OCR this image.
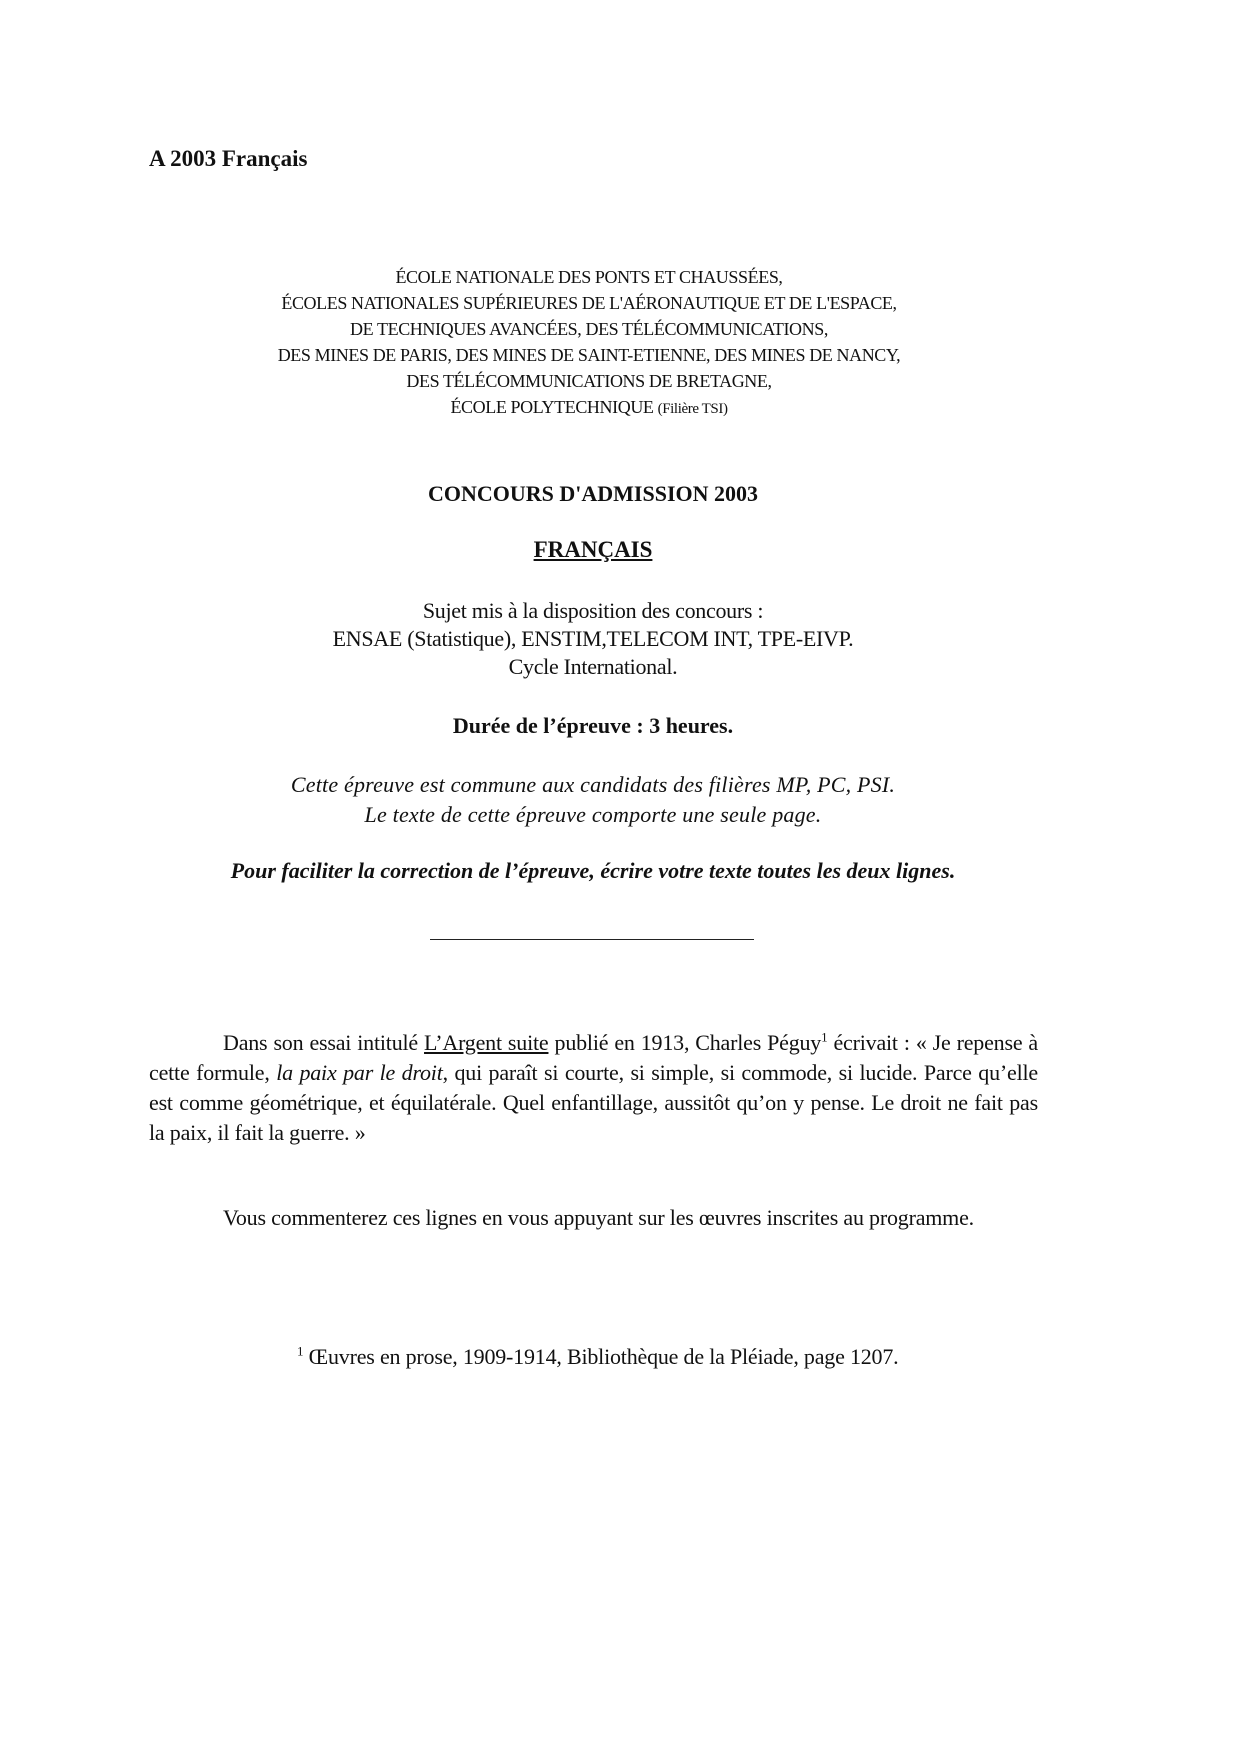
A 2003 Français
ÉCOLE NATIONALE DES PONTS ET CHAUSSÉES,
ÉCOLES NATIONALES SUPÉRIEURES DE L'AÉRONAUTIQUE ET DE L'ESPACE,
DE TECHNIQUES AVANCÉES, DES TÉLÉCOMMUNICATIONS,
DES MINES DE PARIS, DES MINES DE SAINT-ETIENNE, DES MINES DE NANCY,
DES TÉLÉCOMMUNICATIONS DE BRETAGNE,
ÉCOLE POLYTECHNIQUE (Filière TSI)
CONCOURS D'ADMISSION 2003
FRANÇAIS
Sujet mis à la disposition des concours :
ENSAE (Statistique), ENSTIM,TELECOM INT, TPE-EIVP.
Cycle International.
Durée de l’épreuve : 3 heures.
Cette épreuve est commune aux candidats des filières MP, PC, PSI.
Le texte de cette épreuve comporte une seule page.
Pour faciliter la correction de l’épreuve, écrire votre texte toutes les deux lignes.
Dans son essai intitulé L’Argent suite publié en 1913, Charles Péguy$^1$ écrivait : « Je repense à cette formule, la paix par le droit, qui paraît si courte, si simple, si commode, si lucide. Parce qu’elle est comme géométrique, et équilatérale. Quel enfantillage, aussitôt qu’on y pense. Le droit ne fait pas la paix, il fait la guerre. »
Vous commenterez ces lignes en vous appuyant sur les œuvres inscrites au programme.
$^1$ Œuvres en prose, 1909-1914, Bibliothèque de la Pléiade, page 1207.
